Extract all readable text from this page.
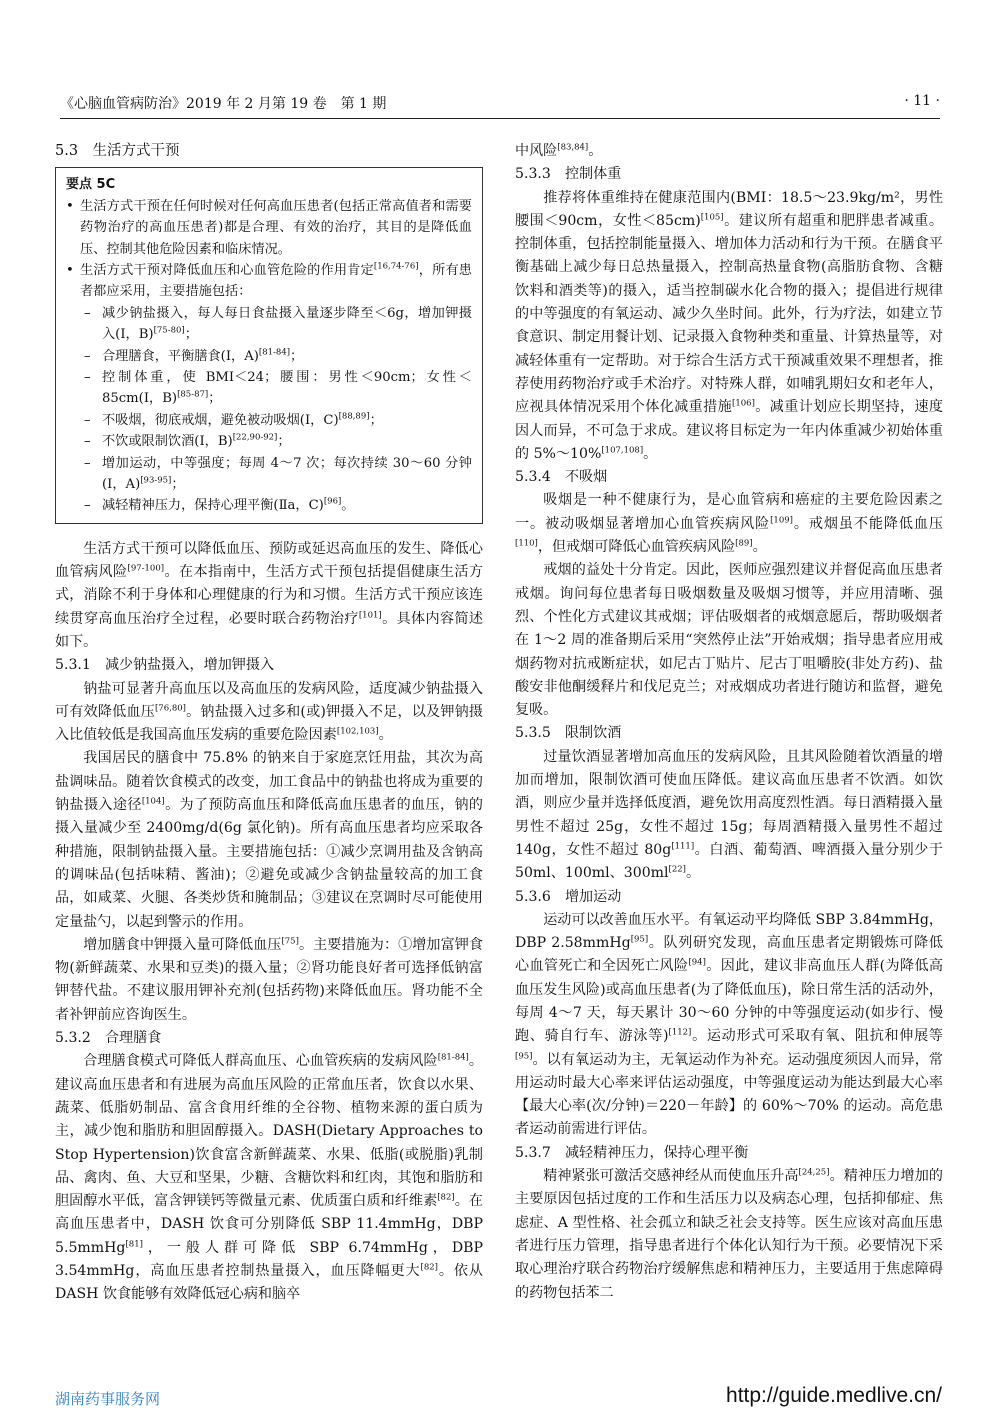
《心脑血管病防治》2019 年 2 月第 19 卷　第 1 期	· 11 ·

5.3　生活方式干预

要点 5C
• 生活方式干预在任何时候对任何高血压患者(包括正常高值者和需要药物治疗的高血压患者)都是合理、有效的治疗，其目的是降低血压、控制其他危险因素和临床情况。
• 生活方式干预对降低血压和心血管危险的作用肯定[16,74-76]，所有患者都应采用，主要措施包括：
– 减少钠盐摄入，每人每日食盐摄入量逐步降至＜6g，增加钾摄入(Ⅰ，B)[75-80]；
– 合理膳食，平衡膳食(Ⅰ，A)[81-84]；
– 控制体重，使 BMI＜24；腰围：男性＜90cm；女性＜85cm(Ⅰ，B)[85-87]；
– 不吸烟，彻底戒烟，避免被动吸烟(Ⅰ，C)[88,89]；
– 不饮或限制饮酒(Ⅰ，B)[22,90-92]；
– 增加运动，中等强度；每周 4～7 次；每次持续 30～60 分钟(Ⅰ，A)[93-95]；
– 减轻精神压力，保持心理平衡(Ⅱa，C)[96]。

生活方式干预可以降低血压、预防或延迟高血压的发生、降低心血管病风险[97-100]。在本指南中，生活方式干预包括提倡健康生活方式，消除不利于身体和心理健康的行为和习惯。生活方式干预应该连续贯穿高血压治疗全过程，必要时联合药物治疗[101]。具体内容简述如下。

5.3.1　减少钠盐摄入，增加钾摄入

钠盐可显著升高血压以及高血压的发病风险，适度减少钠盐摄入可有效降低血压[76,80]。钠盐摄入过多和(或)钾摄入不足，以及钾钠摄入比值较低是我国高血压发病的重要危险因素[102,103]。

我国居民的膳食中 75.8% 的钠来自于家庭烹饪用盐，其次为高盐调味品。随着饮食模式的改变，加工食品中的钠盐也将成为重要的钠盐摄入途径[104]。为了预防高血压和降低高血压患者的血压，钠的摄入量减少至 2400mg/d(6g 氯化钠)。所有高血压患者均应采取各种措施，限制钠盐摄入量。主要措施包括：①减少烹调用盐及含钠高的调味品(包括味精、酱油)；②避免或减少含钠盐量较高的加工食品，如咸菜、火腿、各类炒货和腌制品；③建议在烹调时尽可能使用定量盐勺，以起到警示的作用。

增加膳食中钾摄入量可降低血压[75]。主要措施为：①增加富钾食物(新鲜蔬菜、水果和豆类)的摄入量；②肾功能良好者可选择低钠富钾替代盐。不建议服用钾补充剂(包括药物)来降低血压。肾功能不全者补钾前应咨询医生。

5.3.2　合理膳食

合理膳食模式可降低人群高血压、心血管疾病的发病风险[81-84]。建议高血压患者和有进展为高血压风险的正常血压者，饮食以水果、蔬菜、低脂奶制品、富含食用纤维的全谷物、植物来源的蛋白质为主，减少饱和脂肪和胆固醇摄入。DASH(Dietary Approaches to Stop Hypertension)饮食富含新鲜蔬菜、水果、低脂(或脱脂)乳制品、禽肉、鱼、大豆和坚果，少糖、含糖饮料和红肉，其饱和脂肪和胆固醇水平低，富含钾镁钙等微量元素、优质蛋白质和纤维素[82]。在高血压患者中，DASH 饮食可分别降低 SBP 11.4mmHg，DBP 5.5mmHg[81]，一般人群可降低 SBP 6.74mmHg，DBP 3.54mmHg，高血压患者控制热量摄入，血压降幅更大[82]。依从 DASH 饮食能够有效降低冠心病和脑卒

中风险[83,84]。

5.3.3　控制体重

推荐将体重维持在健康范围内(BMI：18.5～23.9kg/m²，男性腰围＜90cm，女性＜85cm)[105]。建议所有超重和肥胖患者减重。控制体重，包括控制能量摄入、增加体力活动和行为干预。在膳食平衡基础上减少每日总热量摄入，控制高热量食物(高脂肪食物、含糖饮料和酒类等)的摄入，适当控制碳水化合物的摄入；提倡进行规律的中等强度的有氧运动、减少久坐时间。此外，行为疗法，如建立节食意识、制定用餐计划、记录摄入食物种类和重量、计算热量等，对减轻体重有一定帮助。对于综合生活方式干预减重效果不理想者，推荐使用药物治疗或手术治疗。对特殊人群，如哺乳期妇女和老年人，应视具体情况采用个体化减重措施[106]。减重计划应长期坚持，速度因人而异，不可急于求成。建议将目标定为一年内体重减少初始体重的 5%～10%[107,108]。

5.3.4　不吸烟

吸烟是一种不健康行为，是心血管病和癌症的主要危险因素之一。被动吸烟显著增加心血管疾病风险[109]。戒烟虽不能降低血压[110]，但戒烟可降低心血管疾病风险[89]。

戒烟的益处十分肯定。因此，医师应强烈建议并督促高血压患者戒烟。询问每位患者每日吸烟数量及吸烟习惯等，并应用清晰、强烈、个性化方式建议其戒烟；评估吸烟者的戒烟意愿后，帮助吸烟者在 1～2 周的准备期后采用“突然停止法”开始戒烟；指导患者应用戒烟药物对抗戒断症状，如尼古丁贴片、尼古丁咀嚼胶(非处方药)、盐酸安非他酮缓释片和伐尼克兰；对戒烟成功者进行随访和监督，避免复吸。

5.3.5　限制饮酒

过量饮酒显著增加高血压的发病风险，且其风险随着饮酒量的增加而增加，限制饮酒可使血压降低。建议高血压患者不饮酒。如饮酒，则应少量并选择低度酒，避免饮用高度烈性酒。每日酒精摄入量男性不超过 25g，女性不超过 15g；每周酒精摄入量男性不超过 140g，女性不超过 80g[111]。白酒、葡萄酒、啤酒摄入量分别少于 50ml、100ml、300ml[22]。

5.3.6　增加运动

运动可以改善血压水平。有氧运动平均降低 SBP 3.84mmHg，DBP 2.58mmHg[95]。队列研究发现，高血压患者定期锻炼可降低心血管死亡和全因死亡风险[94]。因此，建议非高血压人群(为降低高血压发生风险)或高血压患者(为了降低血压)，除日常生活的活动外，每周 4～7 天，每天累计 30～60 分钟的中等强度运动(如步行、慢跑、骑自行车、游泳等)[112]。运动形式可采取有氧、阻抗和伸展等[95]。以有氧运动为主，无氧运动作为补充。运动强度须因人而异，常用运动时最大心率来评估运动强度，中等强度运动为能达到最大心率【最大心率(次/分钟)＝220－年龄】的 60%～70% 的运动。高危患者运动前需进行评估。

5.3.7　减轻精神压力，保持心理平衡

精神紧张可激活交感神经从而使血压升高[24,25]。精神压力增加的主要原因包括过度的工作和生活压力以及病态心理，包括抑郁症、焦虑症、A 型性格、社会孤立和缺乏社会支持等。医生应该对高血压患者进行压力管理，指导患者进行个体化认知行为干预。必要情况下采取心理治疗联合药物治疗缓解焦虑和精神压力，主要适用于焦虑障碍的药物包括苯二

湖南药事服务网	http://guide.medlive.cn/
